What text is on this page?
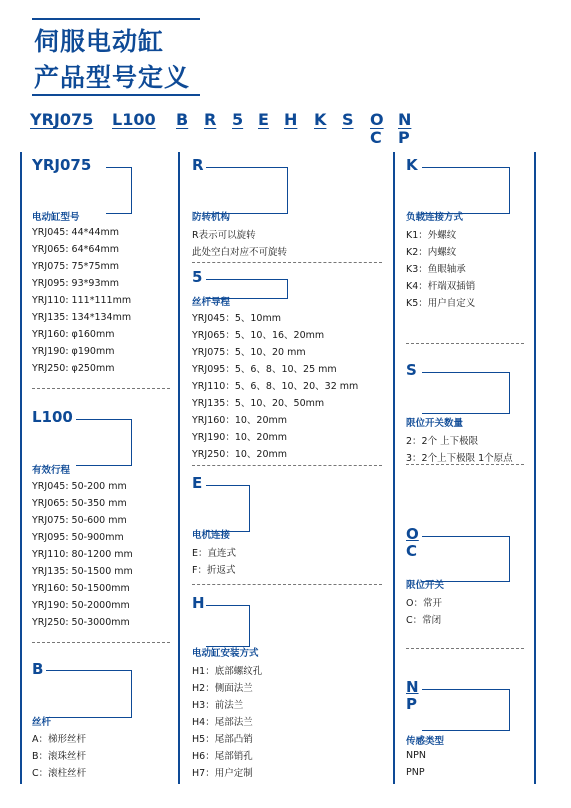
伺服电动缸
产品型号定义
YRJ075 L100 B R 5 E H K S O
C
N
P
YRJ075
电动缸型号
YRJ045: 44*44mm
YRJ065: 64*64mm
YRJ075: 75*75mm
YRJ095: 93*93mm
YRJ110: 111*111mm
YRJ135: 134*134mm
YRJ160: φ160mm
YRJ190: φ190mm
YRJ250: φ250mm
L100
有效行程
YRJ045: 50-200 mm
YRJ065: 50-350 mm
YRJ075: 50-600 mm
YRJ095: 50-900mm
YRJ110: 80-1200 mm
YRJ135: 50-1500 mm
YRJ160: 50-1500mm
YRJ190: 50-2000mm
YRJ250: 50-3000mm
B
丝杆
A：梯形丝杆
B：滚珠丝杆
C：滚柱丝杆
R
防转机构
R表示可以旋转
此处空白对应不可旋转
5
丝杆导程
YRJ045：5、10mm
YRJ065：5、10、16、20mm
YRJ075：5、10、20 mm
YRJ095：5、6、8、10、25 mm
YRJ110：5、6、8、10、20、32 mm
YRJ135：5、10、20、50mm
YRJ160：10、20mm
YRJ190：10、20mm
YRJ250：10、20mm
E
电机连接
E：直连式
F：折返式
H
电动缸安装方式
H1：底部螺纹孔
H2：侧面法兰
H3：前法兰
H4：尾部法兰
H5：尾部凸销
H6：尾部销孔
H7：用户定制
K
负载连接方式
K1：外螺纹
K2：内螺纹
K3：鱼眼轴承
K4：杆端双插销
K5：用户自定义
S
限位开关数量
2：2个 上下极限
3：2个上下极限 1个原点
O
C
限位开关
O：常开
C：常闭
N
P
传感类型
NPN
PNP
